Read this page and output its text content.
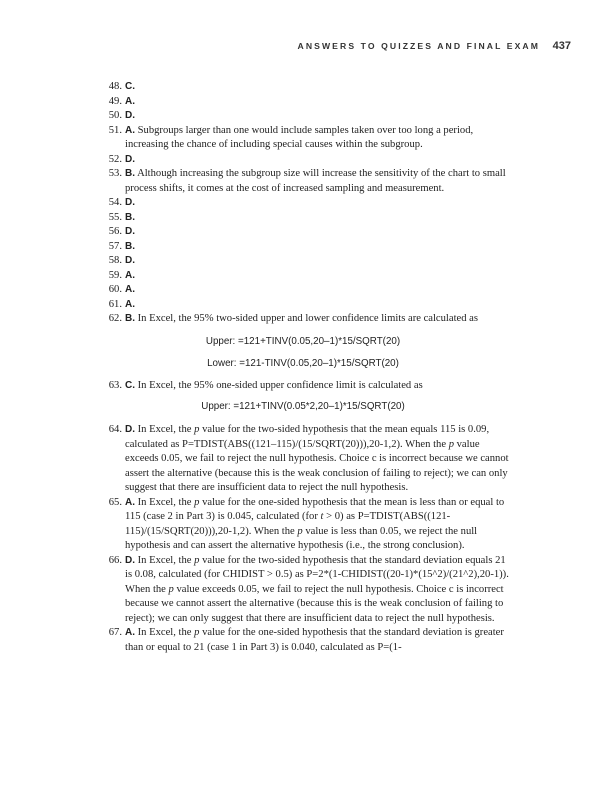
ANSWERS TO QUIZZES AND FINAL EXAM 437
48. C.
49. A.
50. D.
51. A. Subgroups larger than one would include samples taken over too long a period, increasing the chance of including special causes within the subgroup.
52. D.
53. B. Although increasing the subgroup size will increase the sensitivity of the chart to small process shifts, it comes at the cost of increased sampling and measurement.
54. D.
55. B.
56. D.
57. B.
58. D.
59. A.
60. A.
61. A.
62. B. In Excel, the 95% two-sided upper and lower confidence limits are calculated as
Upper: =121+TINV(0.05,20–1)*15/SQRT(20)
Lower: =121-TINV(0.05,20–1)*15/SQRT(20)
63. C. In Excel, the 95% one-sided upper confidence limit is calculated as
Upper: =121+TINV(0.05*2,20–1)*15/SQRT(20)
64. D. In Excel, the p value for the two-sided hypothesis that the mean equals 115 is 0.09, calculated as P=TDIST(ABS((121–115)/(15/SQRT(20))),20-1,2). When the p value exceeds 0.05, we fail to reject the null hypothesis. Choice c is incorrect because we cannot assert the alternative (because this is the weak conclusion of failing to reject); we can only suggest that there are insufficient data to reject the null hypothesis.
65. A. In Excel, the p value for the one-sided hypothesis that the mean is less than or equal to 115 (case 2 in Part 3) is 0.045, calculated (for t > 0) as P=TDIST(ABS((121-115)/(15/SQRT(20))),20-1,2). When the p value is less than 0.05, we reject the null hypothesis and can assert the alternative hypothesis (i.e., the strong conclusion).
66. D. In Excel, the p value for the two-sided hypothesis that the standard deviation equals 21 is 0.08, calculated (for CHIDIST > 0.5) as P=2*(1-CHIDIST((20-1)*(15^2)/(21^2),20-1)). When the p value exceeds 0.05, we fail to reject the null hypothesis. Choice c is incorrect because we cannot assert the alternative (because this is the weak conclusion of failing to reject); we can only suggest that there are insufficient data to reject the null hypothesis.
67. A. In Excel, the p value for the one-sided hypothesis that the standard deviation is greater than or equal to 21 (case 1 in Part 3) is 0.040, calculated as P=(1-
